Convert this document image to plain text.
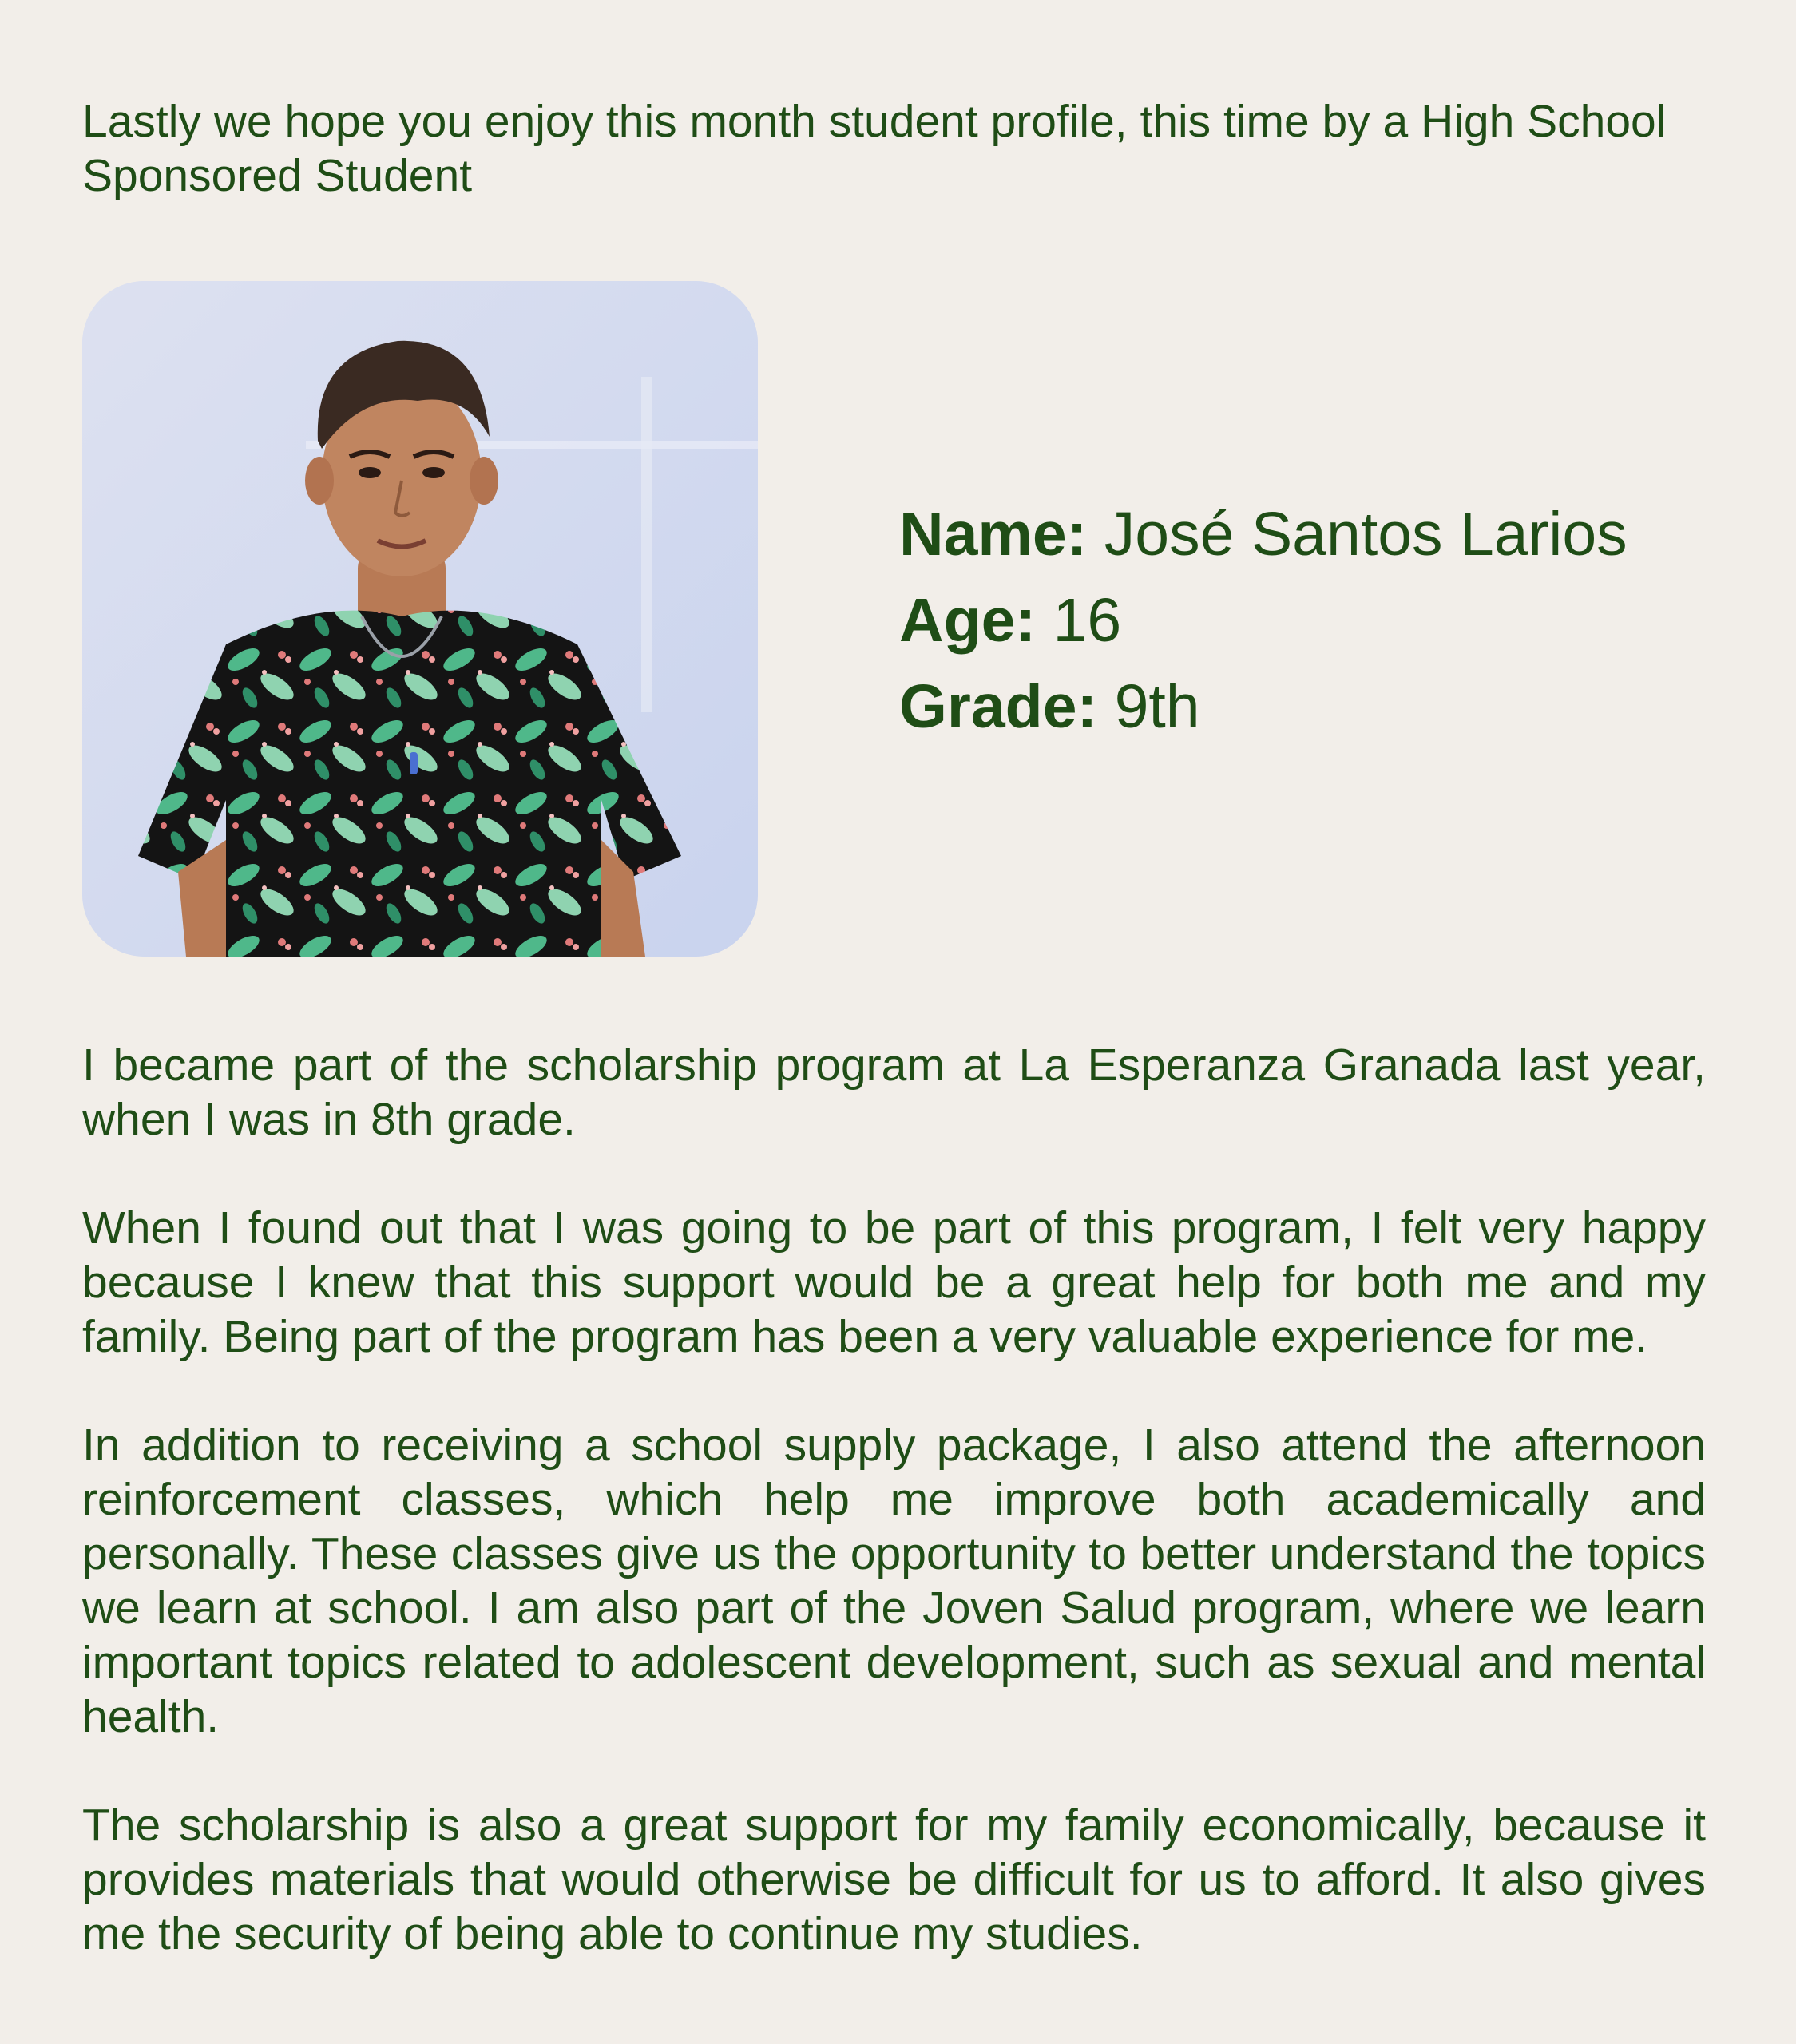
Lastly we hope you enjoy this month student profile, this time by a High School Sponsored Student

Name: José Santos Larios
Age: 16
Grade: 9th

I became part of the scholarship program at La Esperanza Granada last year, when I was in 8th grade.

When I found out that I was going to be part of this program, I felt very happy because I knew that this support would be a great help for both me and my family. Being part of the program has been a very valuable experience for me.

In addition to receiving a school supply package, I also attend the afternoon reinforcement classes, which help me improve both academically and personally. These classes give us the opportunity to better understand the topics we learn at school. I am also part of the Joven Salud program, where we learn important topics related to adolescent development, such as sexual and mental health.

The scholarship is also a great support for my family economically, because it provides materials that would otherwise be difficult for us to afford. It also gives me the security of being able to continue my studies.
